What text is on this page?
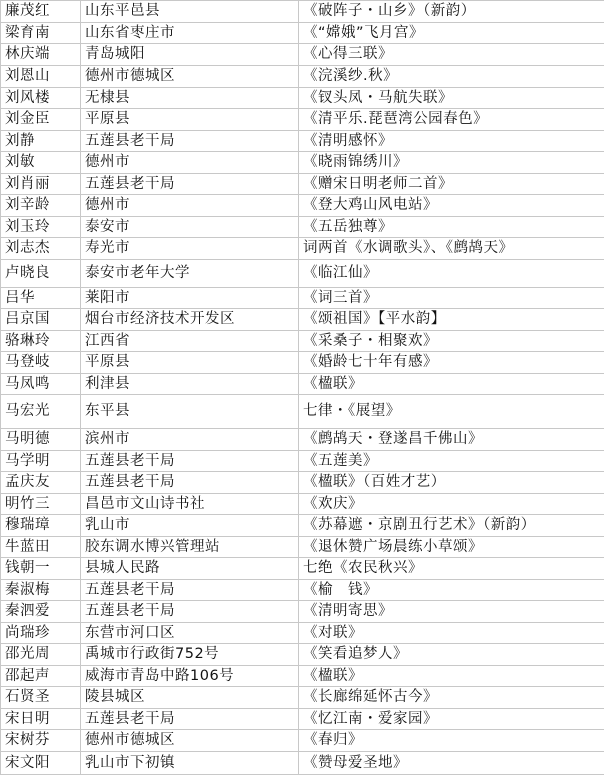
廉茂红	山东平邑县	《破阵子・山乡》（新韵）
梁育南	山东省枣庄市	《“嫦娥”飞月宫》
林庆端	青岛城阳	《心得三联》
刘恩山	德州市德城区	《浣溪纱.秋》
刘风楼	无棣县	《钗头凤・马航失联》
刘金臣	平原县	《清平乐.琵琶湾公园春色》
刘静	五莲县老干局	《清明感怀》
刘敏	德州市	《晓雨锦绣川》
刘肖丽	五莲县老干局	《赠宋日明老师二首》
刘辛龄	德州市	《登大鸡山风电站》
刘玉玲	泰安市	《五岳独尊》
刘志杰	寿光市	词两首《水调歌头》、《鹧鸪天》
卢晓良	泰安市老年大学	《临江仙》
吕华	莱阳市	《词三首》
吕京国	烟台市经济技术开发区	《颂祖国》【平水韵】
骆琳玲	江西省	《采桑子・相聚欢》
马登岐	平原县	《婚龄七十年有感》
马凤鸣	利津县	《楹联》
马宏光	东平县	七律・《展望》
马明德	滨州市	《鹧鸪天・登遂昌千佛山》
马学明	五莲县老干局	《五莲美》
孟庆友	五莲县老干局	《楹联》（百姓才艺）
明竹三	昌邑市文山诗书社	《欢庆》
穆瑞璋	乳山市	《苏幕遮・京剧丑行艺术》（新韵）
牛蓝田	胶东调水博兴管理站	《退休赞广场晨练小草颂》
钱朝一	县城人民路	七绝《农民秋兴》
秦淑梅	五莲县老干局	《榆　钱》
秦泗爱	五莲县老干局	《清明寄思》
尚瑞珍	东营市河口区	《对联》
邵光周	禹城市行政街752号	《笑看追梦人》
邵起声	威海市青岛中路106号	《楹联》
石贤圣	陵县城区	《长廊绵延怀古今》
宋日明	五莲县老干局	《忆江南・爱家园》
宋树芬	德州市德城区	《春归》
宋文阳	乳山市下初镇	《赞母爱圣地》
